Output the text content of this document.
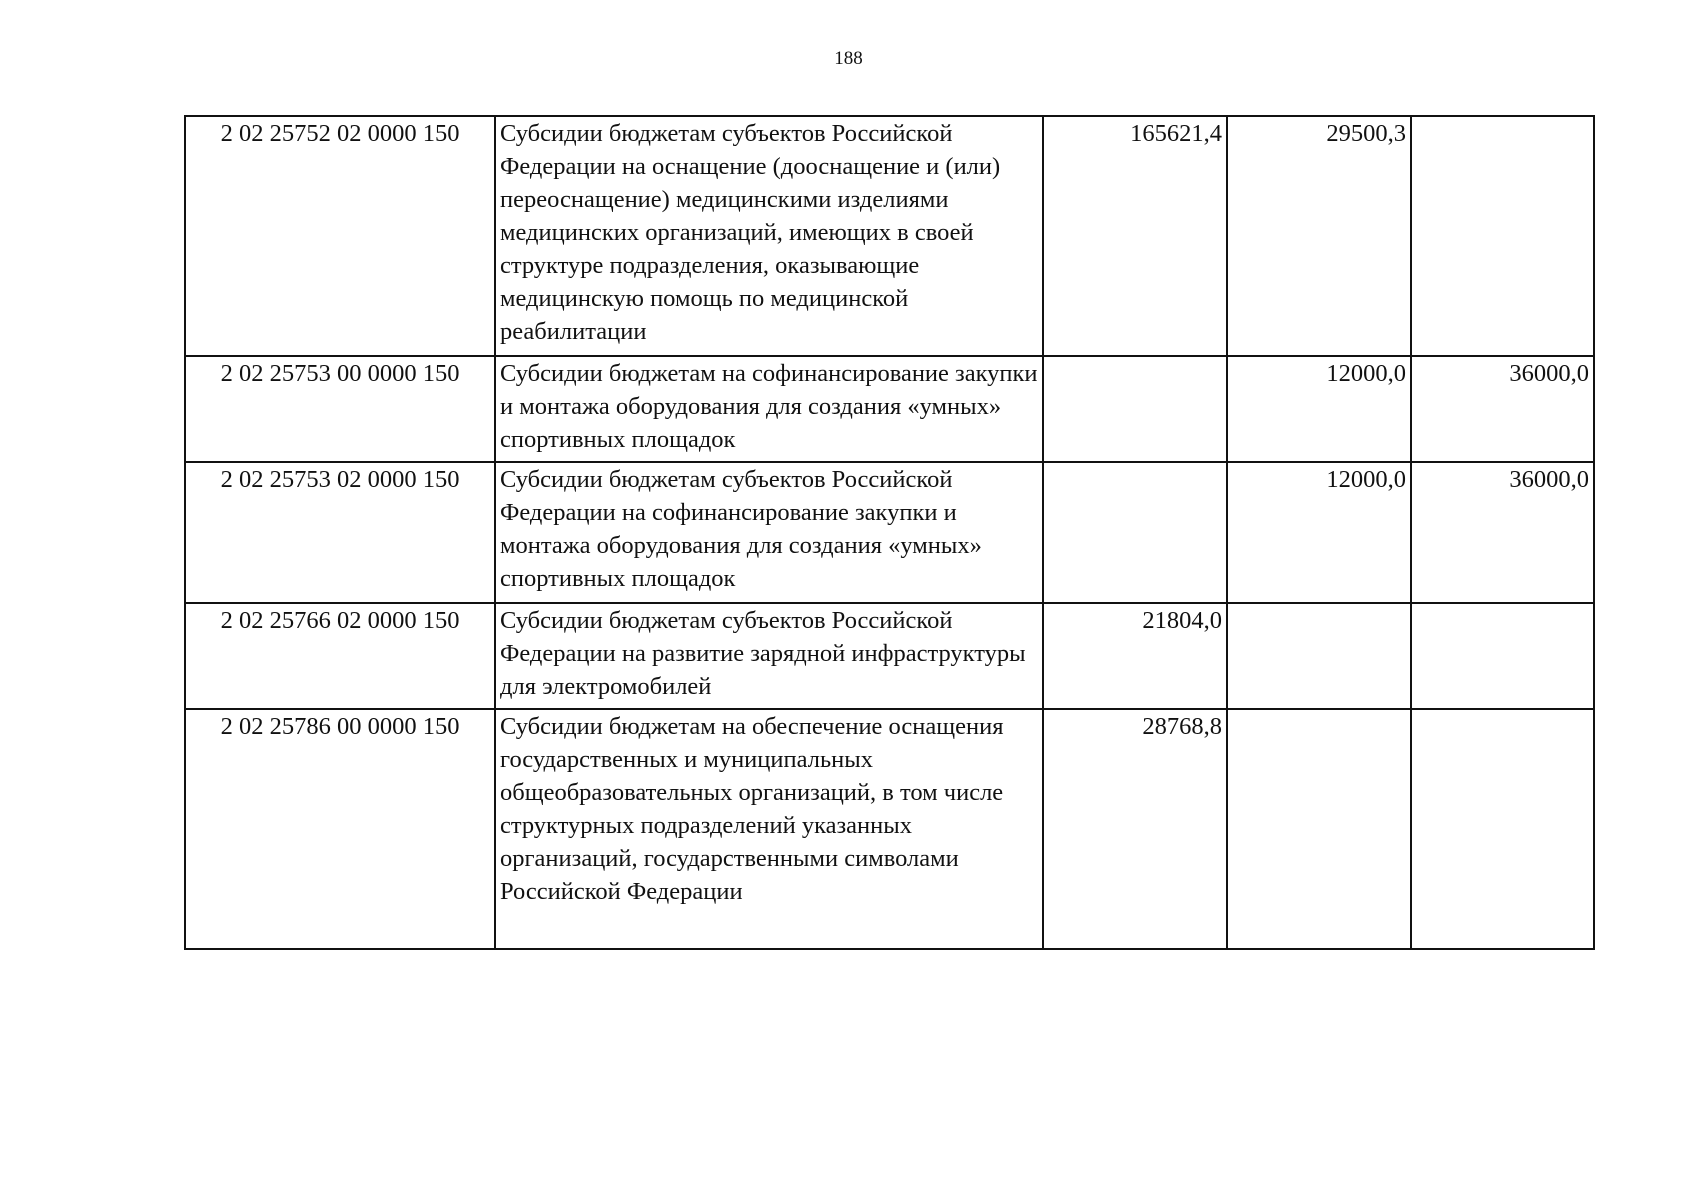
188
2 02 25752 02 0000 150	Субсидии бюджетам субъектов Российской Федерации на оснащение (дооснащение и (или) переоснащение) медицинскими изделиями медицинских организаций, имеющих в своей структуре подразделения, оказывающие медицинскую помощь по медицинской реабилитации	165621,4	29500,3	
2 02 25753 00 0000 150	Субсидии бюджетам на софинансирование закупки и монтажа оборудования для создания «умных» спортивных площадок		12000,0	36000,0
2 02 25753 02 0000 150	Субсидии бюджетам субъектов Российской Федерации на софинансирование закупки и монтажа оборудования для создания «умных» спортивных площадок		12000,0	36000,0
2 02 25766 02 0000 150	Субсидии бюджетам субъектов Российской Федерации на развитие зарядной инфраструктуры для электромобилей	21804,0		
2 02 25786 00 0000 150	Субсидии бюджетам на обеспечение оснащения государственных и муниципальных общеобразовательных организаций, в том числе структурных подразделений указанных организаций, государственными символами Российской Федерации	28768,8		
